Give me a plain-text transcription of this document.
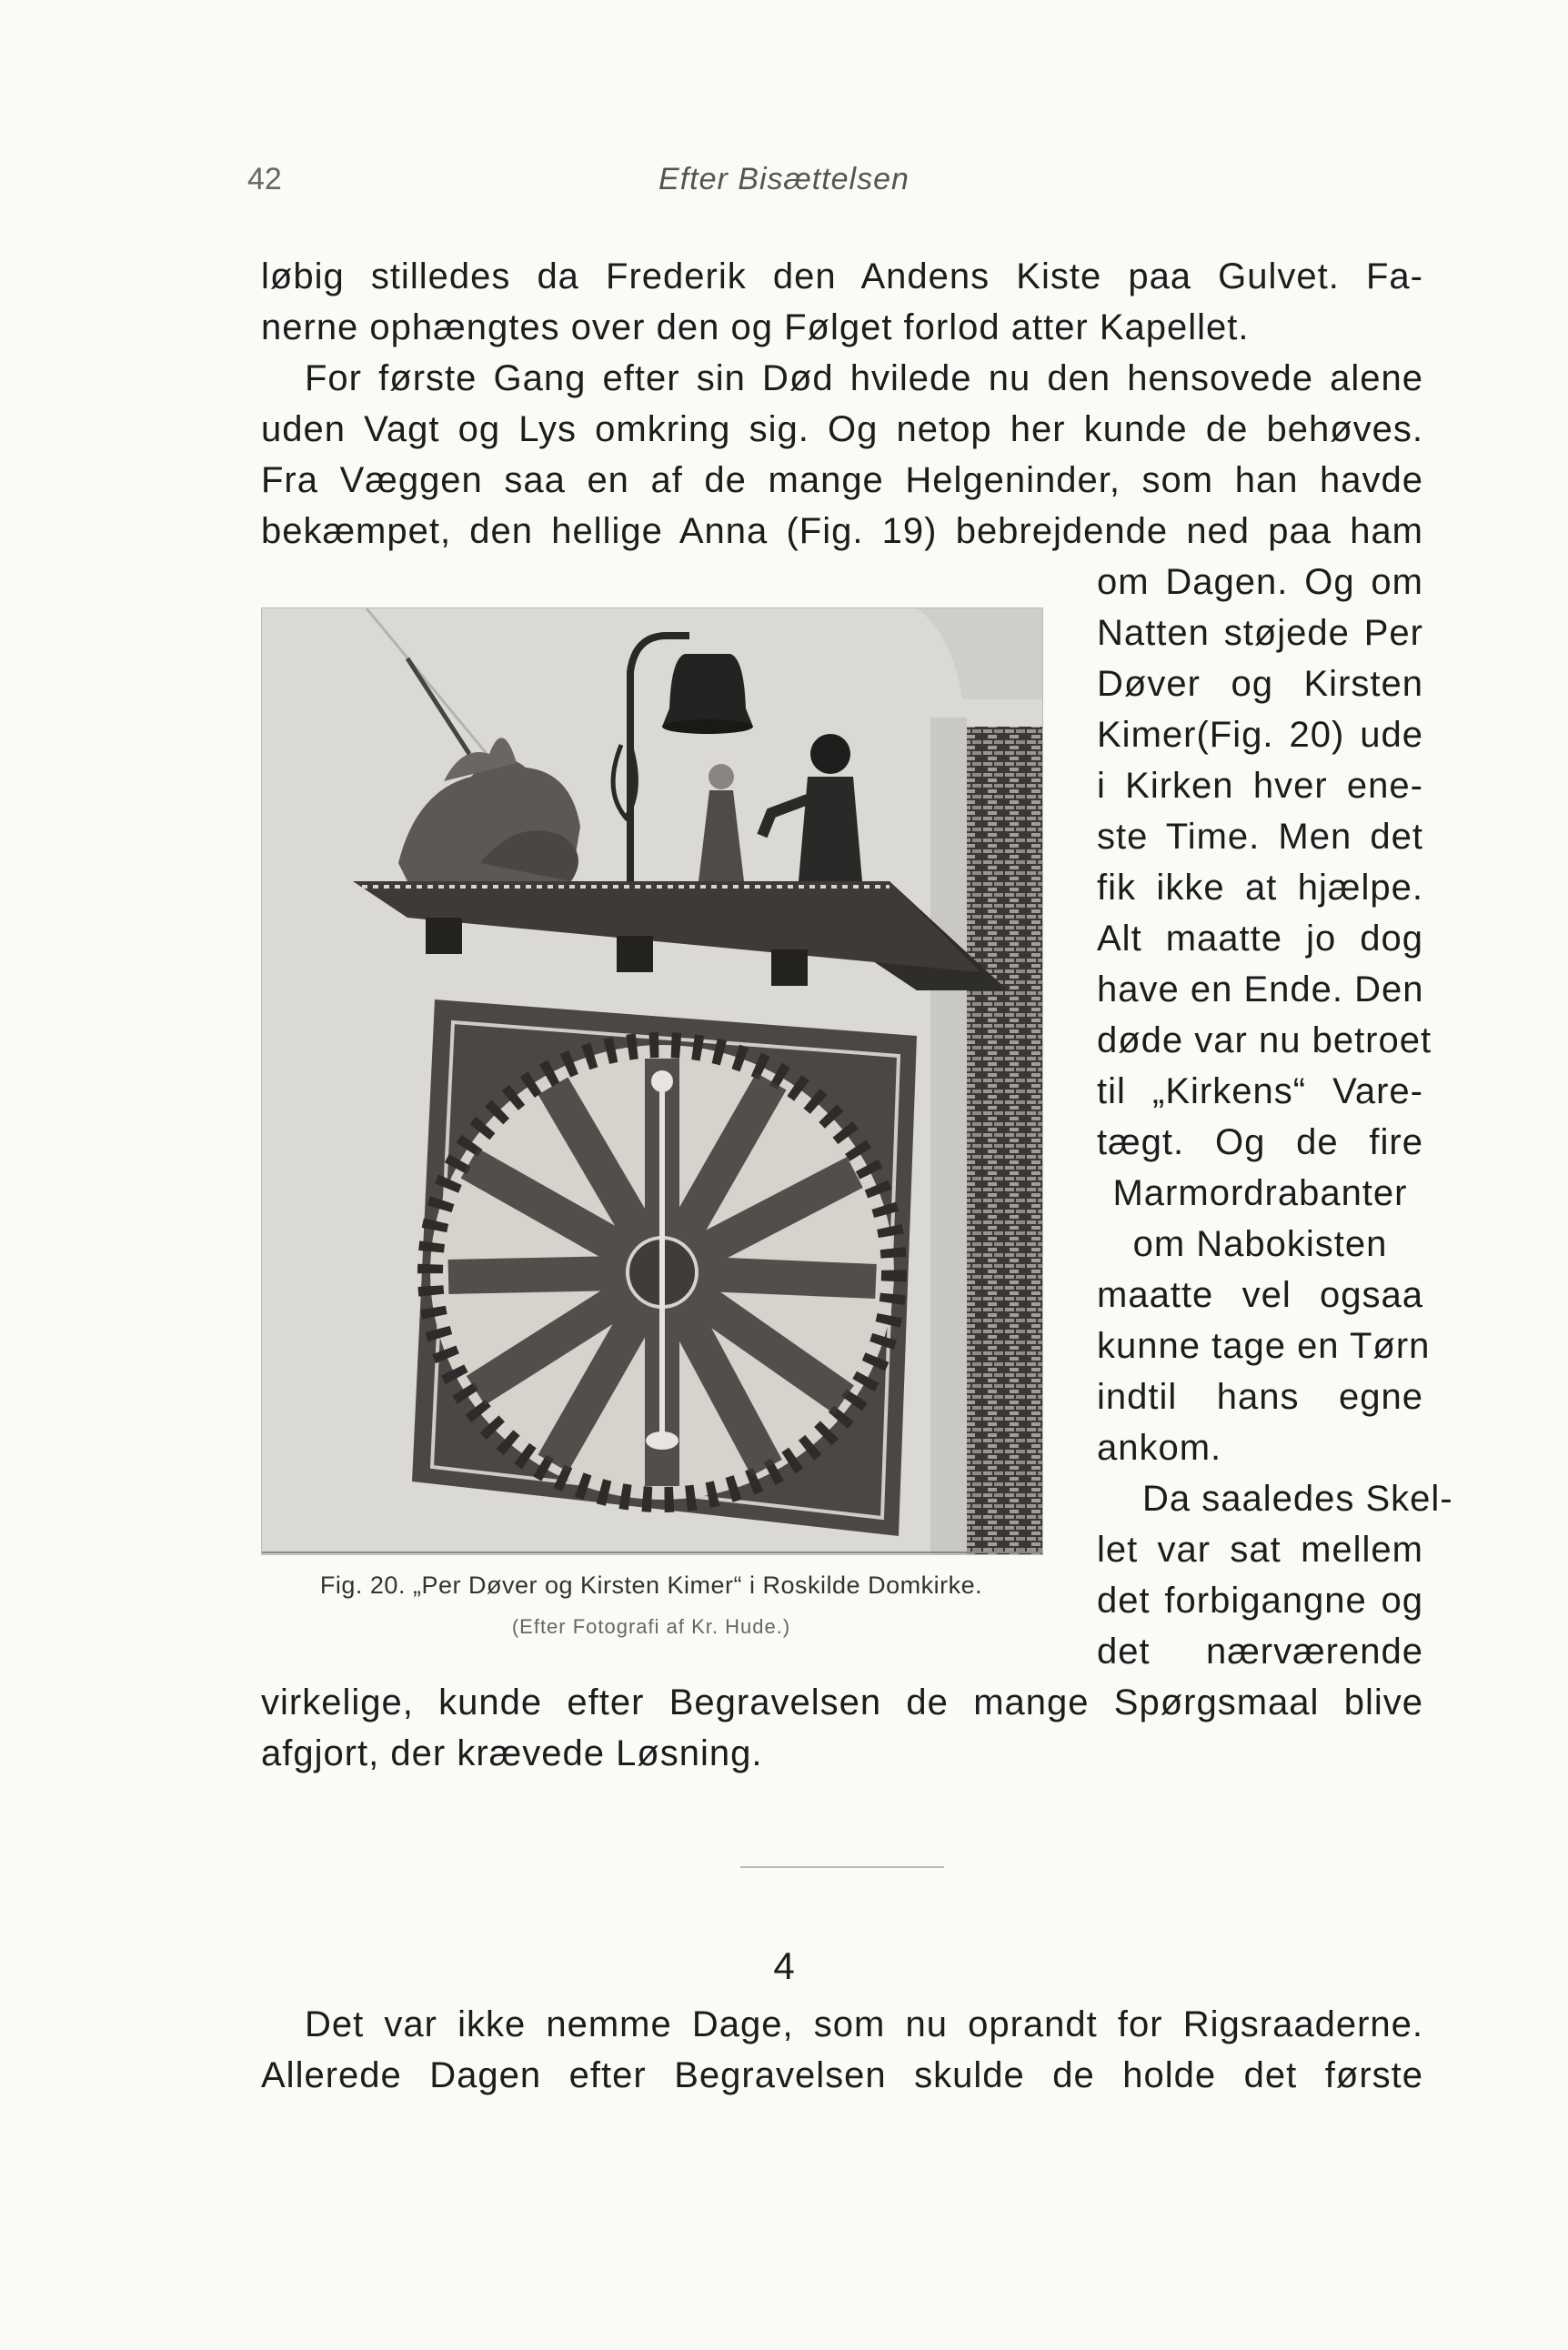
42	Efter Bisættelsen
løbig stilledes da Frederik den Andens Kiste paa Gulvet. Fa-
nerne ophængtes over den og Følget forlod atter Kapellet.
For første Gang efter sin Død hvilede nu den hensovede alene
uden Vagt og Lys omkring sig. Og netop her kunde de behøves.
Fra Væggen saa en af de mange Helgeninder, som han havde
bekæmpet, den hellige Anna (Fig. 19) bebrejdende ned paa ham
om Dagen. Og om
Natten støjede Per
Døver og Kirsten
Kimer(Fig. 20) ude
i Kirken hver ene-
ste Time. Men det
fik ikke at hjælpe.
Alt maatte jo dog
have en Ende. Den
døde var nu betroet
til „Kirkens“ Vare-
tægt. Og de fire
Marmordrabanter
om Nabokisten
maatte vel ogsaa
kunne tage en Tørn
indtil hans egne
ankom.
Da saaledes Skel-
let var sat mellem
det forbigangne og
det nærværende
virkelige, kunde efter Begravelsen de mange Spørgsmaal blive
afgjort, der krævede Løsning.
Fig. 20. „Per Døver og Kirsten Kimer“ i Roskilde Domkirke.
(Efter Fotografi af Kr. Hude.)
4
Det var ikke nemme Dage, som nu oprandt for Rigsraaderne.
Allerede Dagen efter Begravelsen skulde de holde det første
